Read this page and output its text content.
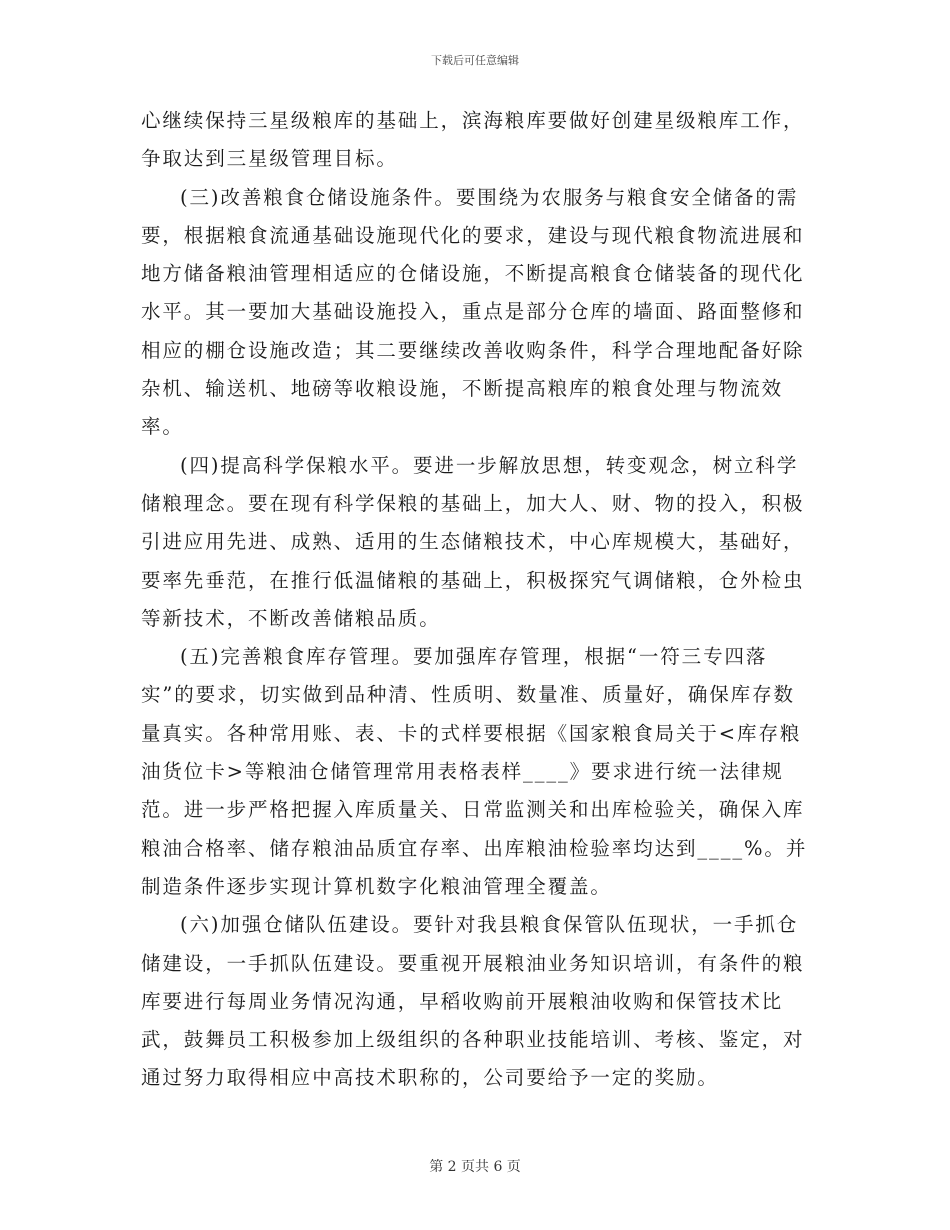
下载后可任意编辑

心继续保持三星级粮库的基础上，滨海粮库要做好创建星级粮库工作，争取达到三星级管理目标。

(三)改善粮食仓储设施条件。要围绕为农服务与粮食安全储备的需要，根据粮食流通基础设施现代化的要求，建设与现代粮食物流进展和地方储备粮油管理相适应的仓储设施，不断提高粮食仓储装备的现代化水平。其一要加大基础设施投入，重点是部分仓库的墙面、路面整修和相应的棚仓设施改造；其二要继续改善收购条件，科学合理地配备好除杂机、输送机、地磅等收粮设施，不断提高粮库的粮食处理与物流效率。

(四)提高科学保粮水平。要进一步解放思想，转变观念，树立科学储粮理念。要在现有科学保粮的基础上，加大人、财、物的投入，积极引进应用先进、成熟、适用的生态储粮技术，中心库规模大，基础好，要率先垂范，在推行低温储粮的基础上，积极探究气调储粮，仓外检虫等新技术，不断改善储粮品质。

(五)完善粮食库存管理。要加强库存管理，根据“一符三专四落实”的要求，切实做到品种清、性质明、数量准、质量好，确保库存数量真实。各种常用账、表、卡的式样要根据《国家粮食局关于<库存粮油货位卡>等粮油仓储管理常用表格表样____》要求进行统一法律规范。进一步严格把握入库质量关、日常监测关和出库检验关，确保入库粮油合格率、储存粮油品质宜存率、出库粮油检验率均达到____%。并制造条件逐步实现计算机数字化粮油管理全覆盖。

(六)加强仓储队伍建设。要针对我县粮食保管队伍现状，一手抓仓储建设，一手抓队伍建设。要重视开展粮油业务知识培训，有条件的粮库要进行每周业务情况沟通，早稻收购前开展粮油收购和保管技术比武，鼓舞员工积极参加上级组织的各种职业技能培训、考核、鉴定，对通过努力取得相应中高技术职称的，公司要给予一定的奖励。

第 2 页共 6 页
